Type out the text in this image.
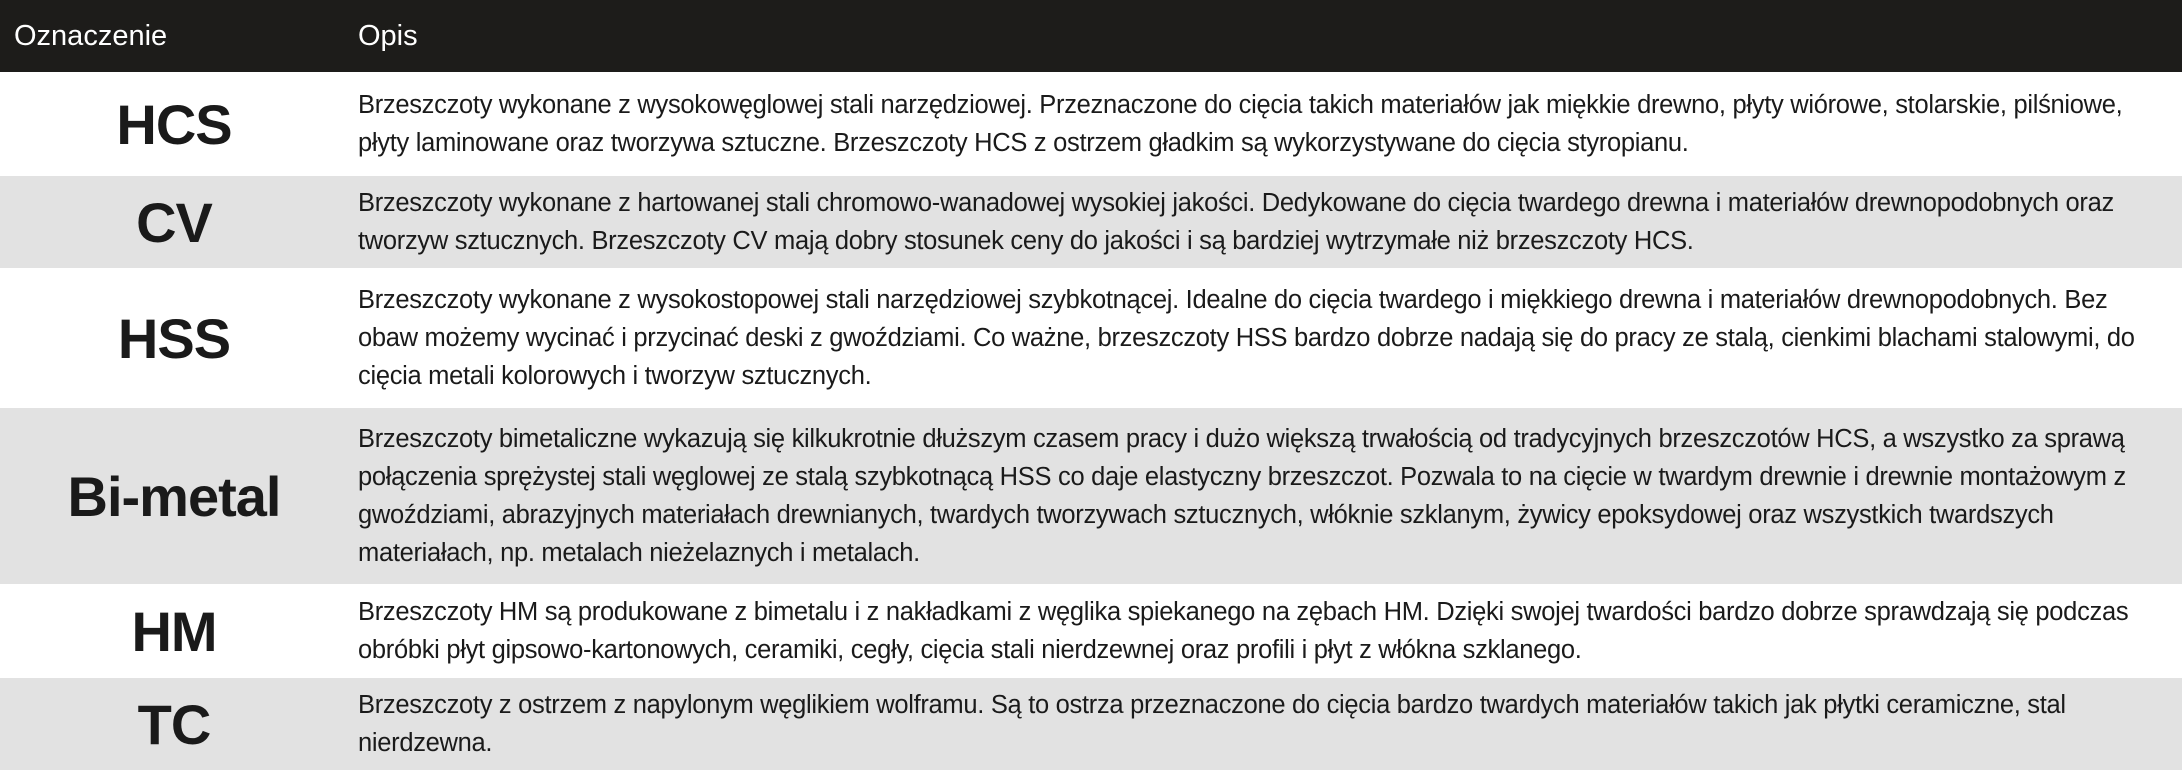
Oznaczenie	Opis
HCS	Brzeszczoty wykonane z wysokowęglowej stali narzędziowej. Przeznaczone do cięcia takich materiałów jak miękkie drewno, płyty wiórowe, stolarskie, pilśniowe, płyty laminowane oraz tworzywa sztuczne. Brzeszczoty HCS z ostrzem gładkim są wykorzystywane do cięcia styropianu.
CV	Brzeszczoty wykonane z hartowanej stali chromowo-wanadowej wysokiej jakości. Dedykowane do cięcia twardego drewna i materiałów drewnopodobnych oraz tworzyw sztucznych. Brzeszczoty CV mają dobry stosunek ceny do jakości i są bardziej wytrzymałe niż brzeszczoty HCS.
HSS	Brzeszczoty wykonane z wysokostopowej stali narzędziowej szybkotnącej. Idealne do cięcia twardego i miękkiego drewna i materiałów drewnopodobnych. Bez obaw możemy wycinać i przycinać deski z gwoździami. Co ważne, brzeszczoty HSS bardzo dobrze nadają się do pracy ze stalą, cienkimi blachami stalowymi, do cięcia metali kolorowych i tworzyw sztucznych.
Bi-metal	Brzeszczoty bimetaliczne wykazują się kilkukrotnie dłuższym czasem pracy i dużo większą trwałością od tradycyjnych brzeszczotów HCS, a wszystko za sprawą połączenia sprężystej stali węglowej ze stalą szybkotnącą HSS co daje elastyczny brzeszczot. Pozwala to na cięcie w twardym drewnie i drewnie montażowym z gwoździami, abrazyjnych materiałach drewnianych, twardych tworzywach sztucznych, włóknie szklanym, żywicy epoksydowej oraz wszystkich twardszych materiałach, np. metalach nieżelaznych i metalach.
HM	Brzeszczoty HM są produkowane z bimetalu i z nakładkami z węglika spiekanego na zębach HM. Dzięki swojej twardości bardzo dobrze sprawdzają się podczas obróbki płyt gipsowo-kartonowych, ceramiki, cegły, cięcia stali nierdzewnej oraz profili i płyt z włókna szklanego.
TC	Brzeszczoty z ostrzem z napylonym węglikiem wolframu. Są to ostrza przeznaczone do cięcia bardzo twardych materiałów takich jak płytki ceramiczne, stal nierdzewna.
